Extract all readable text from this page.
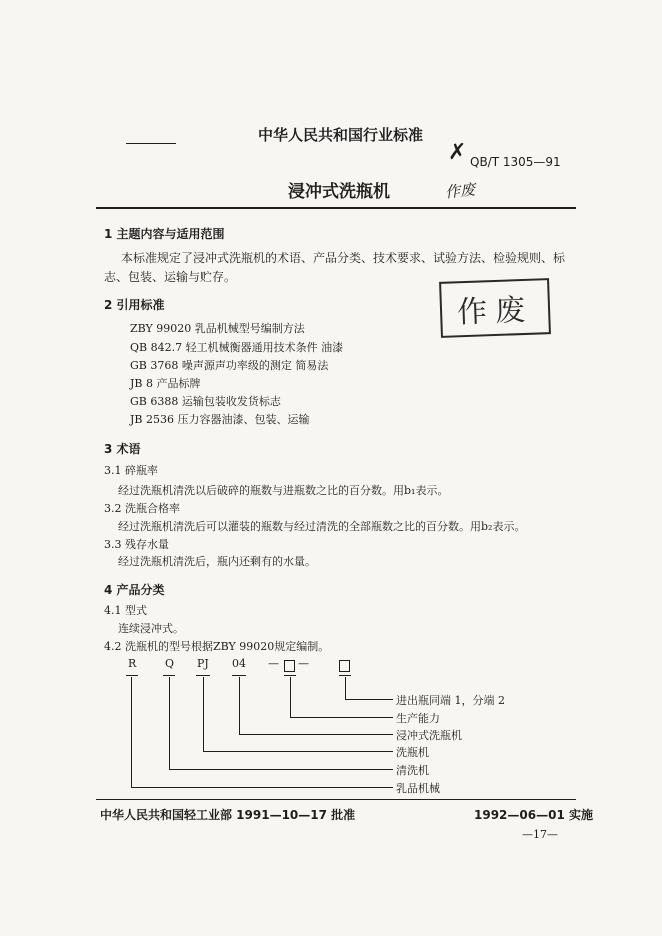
中华人民共和国行业标准
✗ QB/T 1305—91
浸冲式洗瓶机	作废
作废
1 主题内容与适用范围
本标准规定了浸冲式洗瓶机的术语、产品分类、技术要求、试验方法、检验规则、标
志、包装、运输与贮存。
2 引用标准
ZBY 99020 乳品机械型号编制方法
QB 842.7 轻工机械衡器通用技术条件 油漆
GB 3768 噪声源声功率级的测定 简易法
JB 8 产品标牌
GB 6388 运输包装收发货标志
JB 2536 压力容器油漆、包装、运输
3 术语
3.1 碎瓶率
经过洗瓶机清洗以后破碎的瓶数与进瓶数之比的百分数。用b₁表示。
3.2 洗瓶合格率
经过洗瓶机清洗后可以灌装的瓶数与经过清洗的全部瓶数之比的百分数。用b₂表示。
3.3 残存水量
经过洗瓶机清洗后，瓶内还剩有的水量。
4 产品分类
4.1 型式
连续浸冲式。
4.2 洗瓶机的型号根据ZBY 99020规定编制。
R	Q PJ 04 — —
进出瓶同端 1，分端 2
生产能力
浸冲式洗瓶机
洗瓶机
清洗机
乳品机械
中华人民共和国轻工业部 1991—10—17 批准	1992—06—01 实施
—17—
